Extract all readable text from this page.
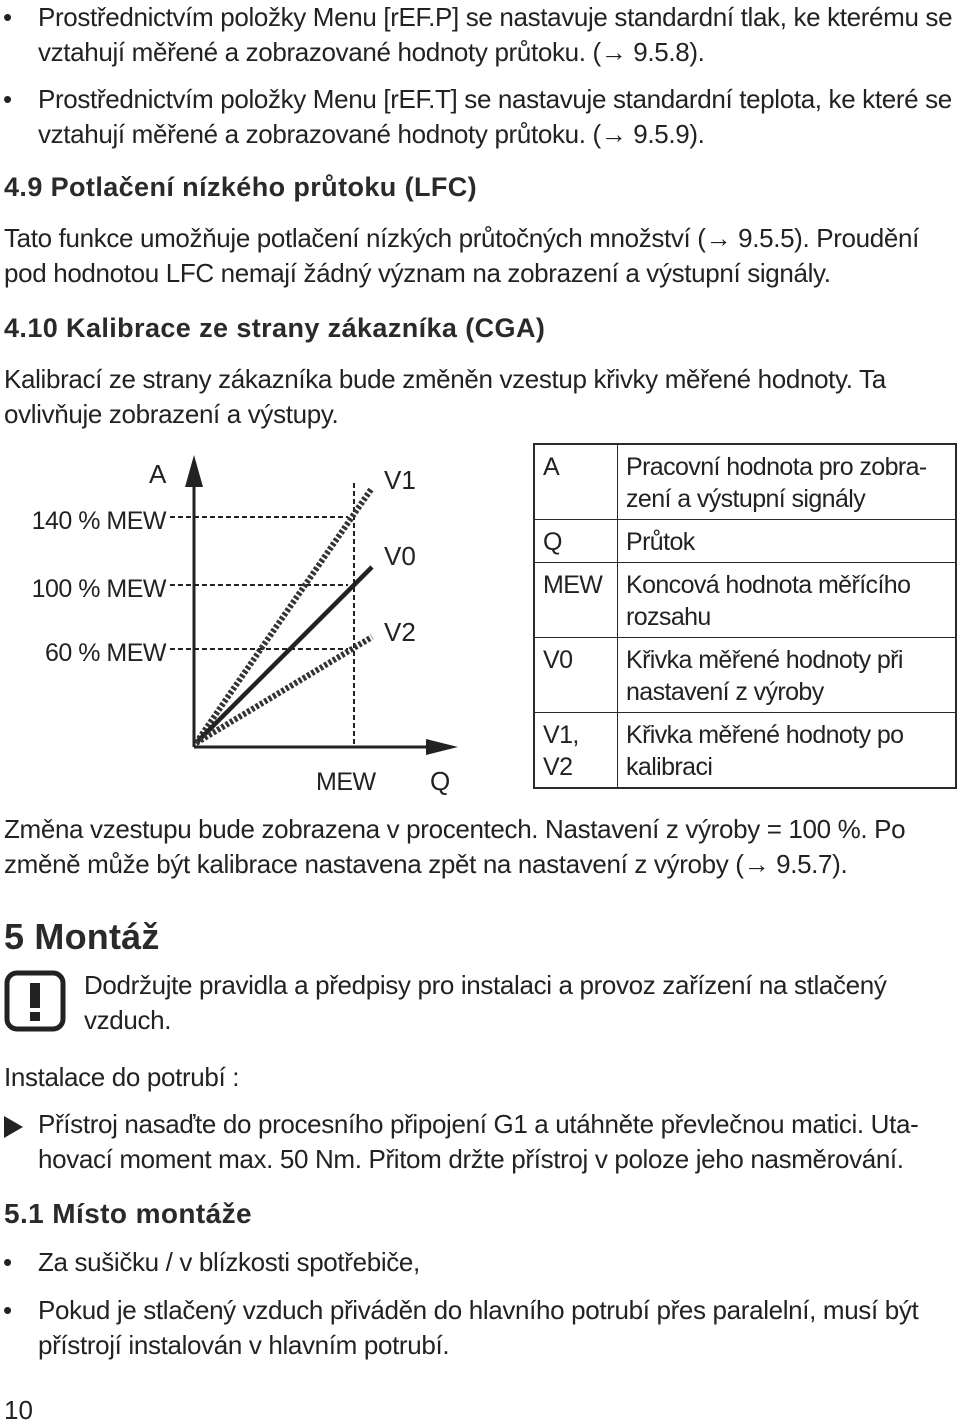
• Prostřednictvím položky Menu [rEF.P] se nastavuje standardní tlak, ke kterému se vztahují měřené a zobrazované hodnoty průtoku. (→ 9.5.8).
• Prostřednictvím položky Menu [rEF.T] se nastavuje standardní teplota, ke které se vztahují měřené a zobrazované hodnoty průtoku. (→ 9.5.9).
4.9 Potlačení nízkého průtoku (LFC)
Tato funkce umožňuje potlačení nízkých průtočných množství (→ 9.5.5). Proudění pod hodnotou LFC nemají žádný význam na zobrazení a výstupní signály.
4.10 Kalibrace ze strany zákazníka (CGA)
Kalibrací ze strany zákazníka bude změněn vzestup křivky měřené hodnoty. Ta ovlivňuje zobrazení a výstupy.
A
140 % MEW
100 % MEW
60 % MEW
V1
V0
V2
MEW Q
A	Pracovní hodnota pro zobra-zení a výstupní signály
Q	Průtok
MEW	Koncová hodnota měřícího rozsahu
V0	Křivka měřené hodnoty při nastavení z výroby
V1, V2	Křivka měřené hodnoty po kalibraci
Změna vzestupu bude zobrazena v procentech. Nastavení z výroby = 100 %. Po změně může být kalibrace nastavena zpět na nastavení z výroby (→ 9.5.7).
5 Montáž
Dodržujte pravidla a předpisy pro instalaci a provoz zařízení na stlačený vzduch.
Instalace do potrubí :
Přístroj nasaďte do procesního připojení G1 a utáhněte převlečnou matici. Uta-hovací moment max. 50 Nm. Přitom držte přístroj v poloze jeho nasměrování.
5.1 Místo montáže
• Za sušičku / v blízkosti spotřebiče,
• Pokud je stlačený vzduch přiváděn do hlavního potrubí přes paralelní, musí být přístrojí instalován v hlavním potrubí.
10
